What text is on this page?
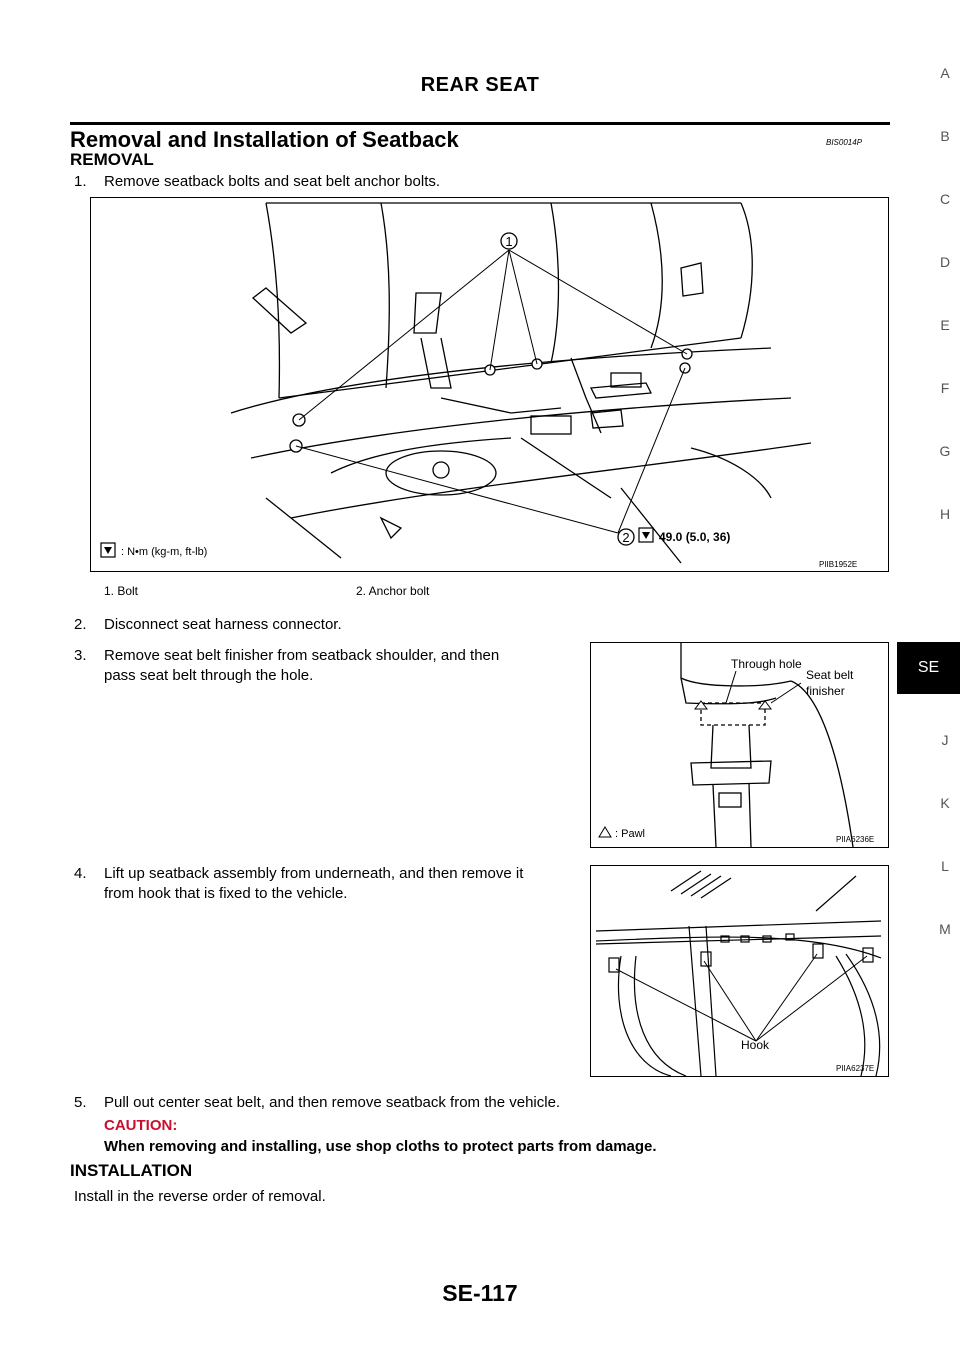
REAR SEAT
Removal and Installation of Seatback	BIS0014P
REMOVAL
1. Remove seatback bolts and seat belt anchor bolts.
1
2 49.0 (5.0, 36)
: N•m (kg-m, ft-lb)
PIIB1952E
1. Bolt	2. Anchor bolt
2. Disconnect seat harness connector.
3. Remove seat belt finisher from seatback shoulder, and then
pass seat belt through the hole.
Through hole
Seat belt
finisher
: Pawl	PIIA6236E
4. Lift up seatback assembly from underneath, and then remove it
from hook that is fixed to the vehicle.
Hook
PIIA6237E
5. Pull out center seat belt, and then remove seatback from the vehicle.
CAUTION:
When removing and installing, use shop cloths to protect parts from damage.
INSTALLATION
Install in the reverse order of removal.
SE-117
A
B
C
D
E
F
G
H
SE
J
K
L
M
